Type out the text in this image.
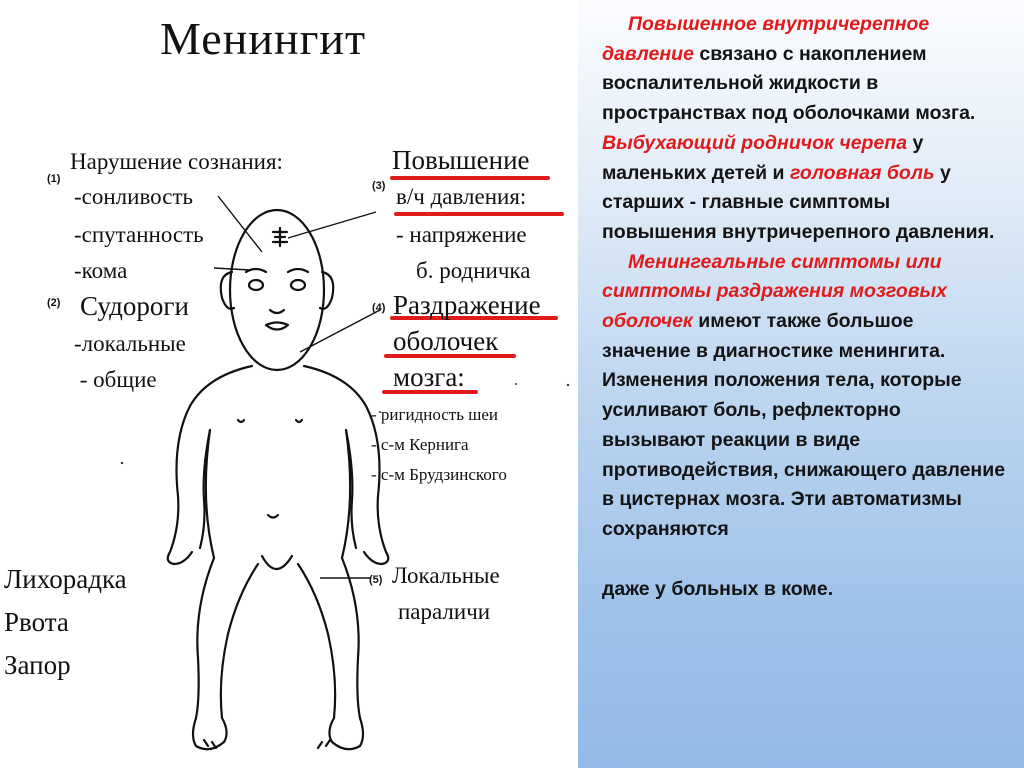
Менингит
(1)
Нарушение сознания:
-сонливость
-спутанность
-кома
(2) Судороги
-локальные
- общие
Повышение
(3) в/ч давления:
- напряжение
б. родничка
(4) Раздражение
оболочек
мозга:
- ригидность шеи
- с-м Кернига
- с-м Брудзинского
Лихорадка
Рвота
Запор
(5) Локальные
параличи
Повышенное внутричерепное давление связано с накоплением воспалительной жидкости в пространствах под оболочками мозга.
Выбухающий родничок черепа у маленьких детей и головная боль у старших - главные симптомы повышения внутричерепного давления.
Менингеальные симптомы или симптомы раздражения мозговых оболочек имеют также большое значение в диагностике менингита. Изменения положения тела, которые усиливают боль, рефлекторно вызывают реакции в виде противодействия, снижающего давление в цистернах мозга. Эти автоматизмы сохраняются
даже у больных в коме.
